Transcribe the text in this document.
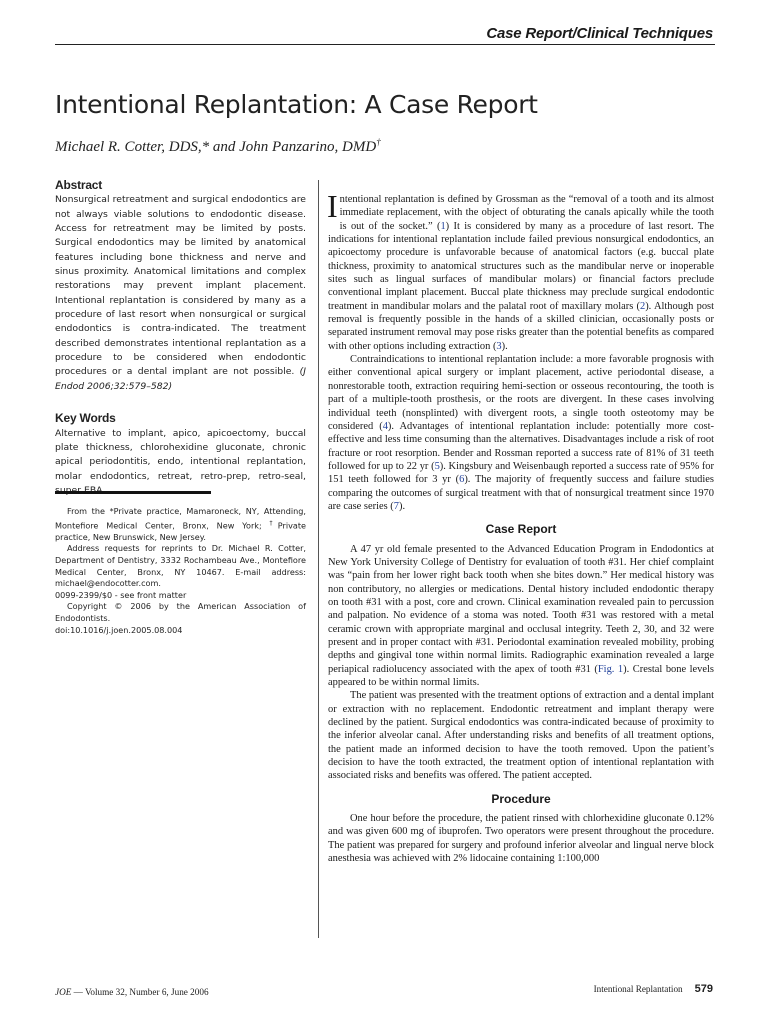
Case Report/Clinical Techniques
Intentional Replantation: A Case Report
Michael R. Cotter, DDS,* and John Panzarino, DMD†
Abstract

Nonsurgical retreatment and surgical endodontics are not always viable solutions to endodontic disease. Access for retreatment may be limited by posts. Surgical endodontics may be limited by anatomical features including bone thickness and nerve and sinus proximity. Anatomical limitations and complex restorations may prevent implant placement. Intentional replantation is considered by many as a procedure of last resort when nonsurgical or surgical endodontics is contra-indicated. The treatment described demonstrates intentional replantation as a procedure to be considered when endodontic procedures or a dental implant are not possible. (J Endod 2006;32:579–582)

Key Words

Alternative to implant, apico, apicoectomy, buccal plate thickness, chlorohexidine gluconate, chronic apical periodontitis, endo, intentional replantation, molar endodontics, retreat, retro-prep, retro-seal,

From the *Private practice, Mamaroneck, NY, Attending, Montefiore Medical Center, Bronx, New York; †Private practice, New Brunswick, New Jersey.

Address requests for reprints to Dr. Michael R. Cotter, Department of Dentistry, 3332 Rochambeau Ave., Montefiore Medical Center, Bronx, NY 10467. E-mail address: michael@endocotter.com.

0099-2399/$0 - see front matter

Copyright © 2006 by the American Association of Endodontists.

doi:10.1016/j.joen.2005.08.004

Intentional replantation is defined by Grossman as the “removal of a tooth and its almost immediate replacement, with the object of obturating the canals apically while the tooth is out of the socket.” (1) It is considered by many as a procedure of last resort. The indications for intentional replantation include failed previous nonsurgical endodontics, an apicoectomy procedure is unfavorable because of anatomical factors (e.g. buccal plate thickness, proximity to anatomical structures such as the mandibular nerve or inoperable sites such as lingual surfaces of mandibular molars) or financial factors preclude conventional implant placement. Buccal plate thickness may preclude surgical endodontic treatment in mandibular molars and the palatal root of maxillary molars (2). Although post removal is frequently possible in the hands of a skilled clinician, occasionally posts or separated instrument removal may pose risks greater than the potential benefits as compared with other options including extraction (3).

Contraindications to intentional replantation include: a more favorable prognosis with either conventional apical surgery or implant placement, active periodontal disease, a nonrestorable tooth, extraction requiring hemi-section or osseous recontouring, the tooth is part of a multiple-tooth prosthesis, or the roots are divergent. In these cases involving individual teeth (nonsplinted) with divergent roots, a single tooth osteotomy may be considered (4). Advantages of intentional replantation include: potentially more cost-effective and less time consuming than the alternatives. Disadvantages include a risk of root fracture or root resorption. Bender and Rossman reported a success rate of 81% of 31 teeth followed for up to 22 yr (5). Kingsbury and Weisenbaugh reported a success rate of 95% for 151 teeth followed for 3 yr (6). The majority of frequently success and failure studies comparing the outcomes of surgical treatment with that of nonsurgical treatment since 1970 are case series (7).

Case Report

A 47 yr old female presented to the Advanced Education Program in Endodontics at New York University College of Dentistry for evaluation of tooth #31. Her chief complaint was “pain from her lower right back tooth when she bites down.” Her medical history was non contributory, no allergies or medications. Dental history included endodontic therapy on tooth #31 with a post, core and crown. Clinical examination revealed pain to percussion and palpation. No evidence of a stoma was noted. Tooth #31 was restored with a metal ceramic crown with appropriate marginal and occlusal integrity. Teeth 2, 30, and 32 were present and in proper contact with #31. Periodontal examination revealed mobility, probing depths and gingival tone within normal limits. Radiographic examination revealed a large periapical radiolucency associated with the apex of tooth #31 (Fig. 1). Crestal bone levels appeared to be within normal limits.

The patient was presented with the treatment options of extraction and a dental implant or extraction with no replacement. Endodontic retreatment and implant therapy were declined by the patient. Surgical endodontics was contra-indicated because of proximity to the inferior alveolar canal. After understanding risks and benefits of all treatment options, the patient made an informed decision to have the tooth removed. Upon the patient’s decision to have the tooth extracted, the treatment option of intentional replantation with associated risks and benefits was offered. The patient accepted.

Procedure

One hour before the procedure, the patient rinsed with chlorhexidine gluconate 0.12% and was given 600 mg of ibuprofen. Two operators were present throughout the procedure. The patient was prepared for surgery and profound inferior alveolar and lingual nerve block anesthesia was achieved with 2% lidocaine containing 1:100,000

JOE — Volume 32, Number 6, June 2006	Intentional Replantation 579
